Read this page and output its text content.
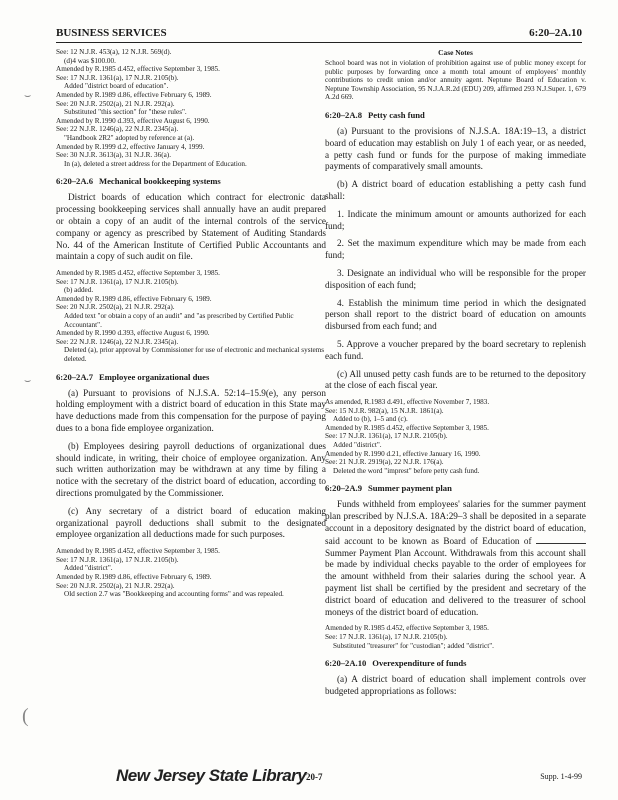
BUSINESS SERVICES	6:20–2A.10
⌣
⌣
(
See: 12 N.J.R. 453(a), 12 N.J.R. 569(d).
(d)4 was $100.00.
Amended by R.1985 d.452, effective September 3, 1985.
See: 17 N.J.R. 1361(a), 17 N.J.R. 2105(b).
Added "district board of education".
Amended by R.1989 d.86, effective February 6, 1989.
See: 20 N.J.R. 2502(a), 21 N.J.R. 292(a).
Substituted "this section" for "these rules".
Amended by R.1990 d.393, effective August 6, 1990.
See: 22 N.J.R. 1246(a), 22 N.J.R. 2345(a).
"Handbook 2R2" adopted by reference at (a).
Amended by R.1999 d.2, effective January 4, 1999.
See: 30 N.J.R. 3613(a), 31 N.J.R. 36(a).
In (a), deleted a street address for the Department of Education.
6:20–2A.6 Mechanical bookkeeping systems

District boards of education which contract for electronic data processing bookkeeping services shall annually have an audit prepared or obtain a copy of an audit of the internal controls of the service company or agency as prescribed by Statement of Auditing Standards No. 44 of the American Institute of Certified Public Accountants and maintain a copy of such audit on file.

Amended by R.1985 d.452, effective September 3, 1985.
See: 17 N.J.R. 1361(a), 17 N.J.R. 2105(b).
(b) added.
Amended by R.1989 d.86, effective February 6, 1989.
See: 20 N.J.R. 2502(a), 21 N.J.R. 292(a).
Added text "or obtain a copy of an audit" and "as prescribed by Certified Public Accountant".
Amended by R.1990 d.393, effective August 6, 1990.
See: 22 N.J.R. 1246(a), 22 N.J.R. 2345(a).
Deleted (a), prior approval by Commissioner for use of electronic and mechanical systems deleted.
6:20–2A.7 Employee organizational dues

(a) Pursuant to provisions of N.J.S.A. 52:14–15.9(e), any person holding employment with a district board of education in this State may have deductions made from this compensation for the purpose of paying dues to a bona fide employee organization.

(b) Employees desiring payroll deductions of organizational dues should indicate, in writing, their choice of employee organization. Any such written authorization may be withdrawn at any time by filing a notice with the secretary of the district board of education, according to directions promulgated by the Commissioner.

(c) Any secretary of a district board of education making organizational payroll deductions shall submit to the designated employee organization all deductions made for such purposes.

Amended by R.1985 d.452, effective September 3, 1985.
See: 17 N.J.R. 1361(a), 17 N.J.R. 2105(b).
Added "district".
Amended by R.1989 d.86, effective February 6, 1989.
See: 20 N.J.R. 2502(a), 21 N.J.R. 292(a).
Old section 2.7 was "Bookkeeping and accounting forms" and was repealed.
Case Notes
School board was not in violation of prohibition against use of public money except for public purposes by forwarding once a month total amount of employees' monthly contributions to credit union and/or annuity agent. Neptune Board of Education v. Neptune Township Association, 95 N.J.A.R.2d (EDU) 209, affirmed 293 N.J.Super. 1, 679 A.2d 669.
6:20–2A.8 Petty cash fund

(a) Pursuant to the provisions of N.J.S.A. 18A:19–13, a district board of education may establish on July 1 of each year, or as needed, a petty cash fund or funds for the purpose of making immediate payments of comparatively small amounts.

(b) A district board of education establishing a petty cash fund shall:

1. Indicate the minimum amount or amounts authorized for each fund;

2. Set the maximum expenditure which may be made from each fund;

3. Designate an individual who will be responsible for the proper disposition of each fund;

4. Establish the minimum time period in which the designated person shall report to the district board of education on amounts disbursed from each fund; and

5. Approve a voucher prepared by the board secretary to replenish each fund.

(c) All unused petty cash funds are to be returned to the depository at the close of each fiscal year.

As amended, R.1983 d.491, effective November 7, 1983.
See: 15 N.J.R. 982(a), 15 N.J.R. 1861(a).
Added to (b), 1–5 and (c).
Amended by R.1985 d.452, effective September 3, 1985.
See: 17 N.J.R. 1361(a), 17 N.J.R. 2105(b).
Added "district".
Amended by R.1990 d.21, effective January 16, 1990.
See: 21 N.J.R. 2919(a), 22 N.J.R. 176(a).
Deleted the word "imprest" before petty cash fund.
6:20–2A.9 Summer payment plan

Funds withheld from employees' salaries for the summer payment plan prescribed by N.J.S.A. 18A:29–3 shall be deposited in a separate account in a depository designated by the district board of education, said account to be known as Board of Education of  Summer Payment Plan Account. Withdrawals from this account shall be made by individual checks payable to the order of employees for the amount withheld from their salaries during the school year. A payment list shall be certified by the president and secretary of the district board of education and delivered to the treasurer of school moneys of the district board of education.

Amended by R.1985 d.452, effective September 3, 1985.
See: 17 N.J.R. 1361(a), 17 N.J.R. 2105(b).
Substituted "treasurer" for "custodian"; added "district".
6:20–2A.10 Overexpenditure of funds

(a) A district board of education shall implement controls over budgeted appropriations as follows:

New Jersey State Library 20-7	Supp. 1-4-99
